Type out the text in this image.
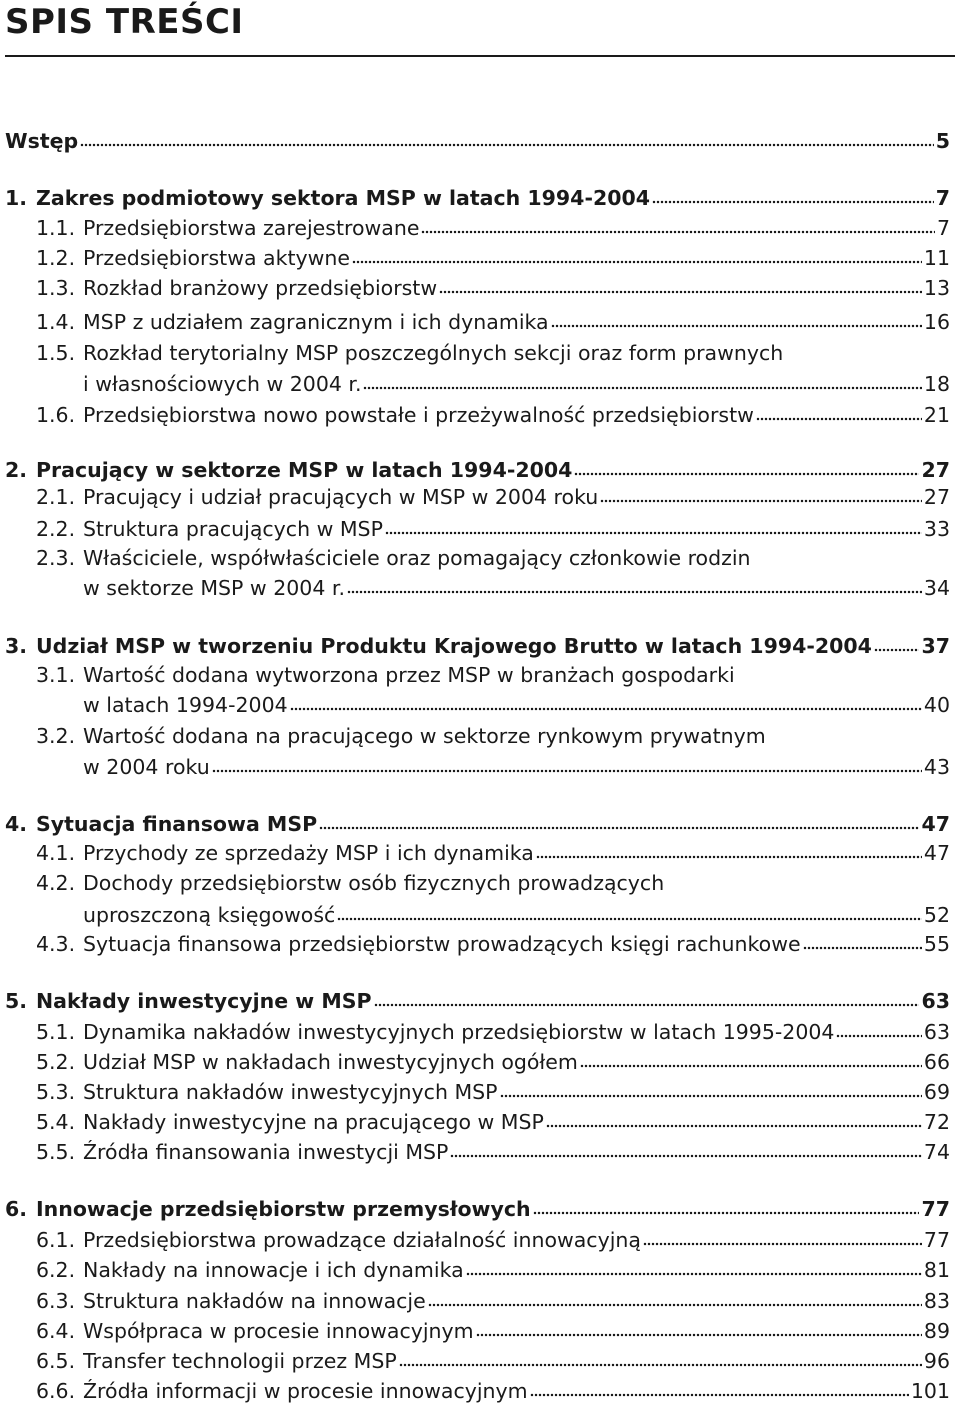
SPIS TREŚCI
Wstęp	5
1. Zakres podmiotowy sektora MSP w latach 1994-2004	7
1.1. Przedsiębiorstwa zarejestrowane	7
1.2. Przedsiębiorstwa aktywne	11
1.3. Rozkład branżowy przedsiębiorstw	13
1.4. MSP z udziałem zagranicznym i ich dynamika	16
1.5. Rozkład terytorialny MSP poszczególnych sekcji oraz form prawnych
i własnościowych w 2004 r.	18
1.6. Przedsiębiorstwa nowo powstałe i przeżywalność przedsiębiorstw	21
2. Pracujący w sektorze MSP w latach 1994-2004	27
2.1. Pracujący i udział pracujących w MSP w 2004 roku	27
2.2. Struktura pracujących w MSP	33
2.3. Właściciele, współwłaściciele oraz pomagający członkowie rodzin
w sektorze MSP w 2004 r.	34
3. Udział MSP w tworzeniu Produktu Krajowego Brutto w latach 1994-2004 37
3.1. Wartość dodana wytworzona przez MSP w branżach gospodarki
w latach 1994-2004	40
3.2. Wartość dodana na pracującego w sektorze rynkowym prywatnym
w 2004 roku	43
4. Sytuacja finansowa MSP	47
4.1. Przychody ze sprzedaży MSP i ich dynamika	47
4.2. Dochody przedsiębiorstw osób fizycznych prowadzących
uproszczoną księgowość	52
4.3. Sytuacja finansowa przedsiębiorstw prowadzących księgi rachunkowe	55
5. Nakłady inwestycyjne w MSP	63
5.1. Dynamika nakładów inwestycyjnych przedsiębiorstw w latach 1995-2004	63
5.2. Udział MSP w nakładach inwestycyjnych ogółem	66
5.3. Struktura nakładów inwestycyjnych MSP	69
5.4. Nakłady inwestycyjne na pracującego w MSP	72
5.5. Źródła finansowania inwestycji MSP	74
6. Innowacje przedsiębiorstw przemysłowych	77
6.1. Przedsiębiorstwa prowadzące działalność innowacyjną	77
6.2. Nakłady na innowacje i ich dynamika	81
6.3. Struktura nakładów na innowacje	83
6.4. Współpraca w procesie innowacyjnym	89
6.5. Transfer technologii przez MSP	96
6.6. Źródła informacji w procesie innowacyjnym	101
